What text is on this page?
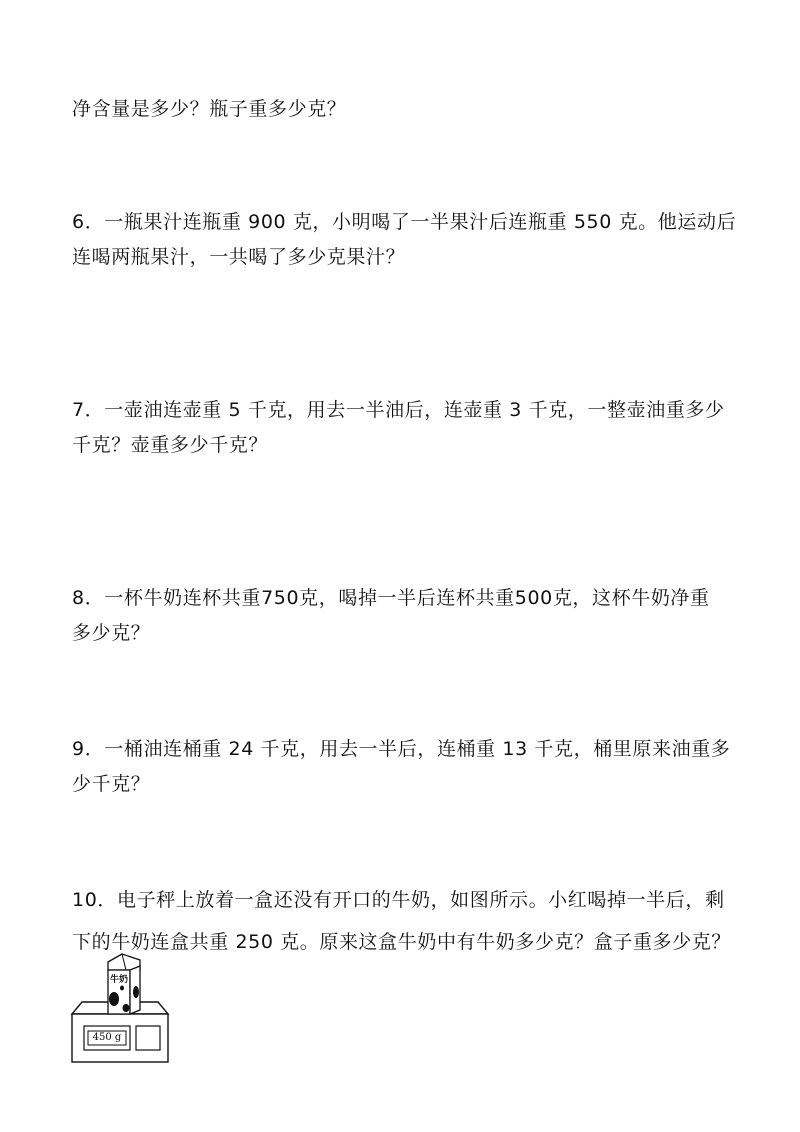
净含量是多少？瓶子重多少克？
6．一瓶果汁连瓶重 900 克，小明喝了一半果汁后连瓶重 550 克。他运动后
连喝两瓶果汁，一共喝了多少克果汁？
7．一壶油连壶重 5 千克，用去一半油后，连壶重 3 千克，一整壶油重多少
千克？壶重多少千克？
8．一杯牛奶连杯共重750克，喝掉一半后连杯共重500克，这杯牛奶净重
多少克？
9．一桶油连桶重 24 千克，用去一半后，连桶重 13 千克，桶里原来油重多
少千克？
10．电子秤上放着一盒还没有开口的牛奶，如图所示。小红喝掉一半后，剩
下的牛奶连盒共重 250 克。原来这盒牛奶中有牛奶多少克？盒子重多少克？
牛奶
450 g
